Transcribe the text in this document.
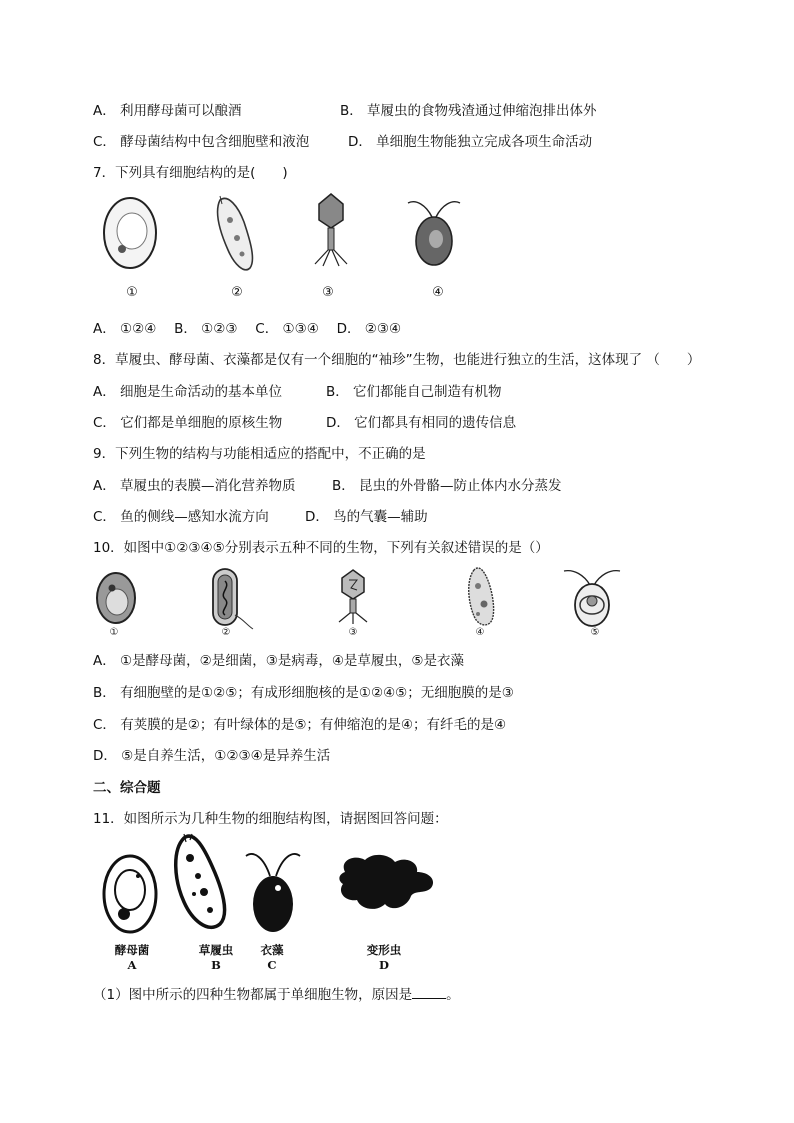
A． 利用酵母菌可以酿酒	B． 草履虫的食物残渣通过伸缩泡排出体外
C． 酵母菌结构中包含细胞壁和液泡	D． 单细胞生物能独立完成各项生命活动
7．下列具有细胞结构的是(　　)
①	②	③	④
A． ①②④　 B． ①②③　 C． ①③④　 D． ②③④
8．草履虫、酵母菌、衣藻都是仅有一个细胞的“袖珍”生物，也能进行独立的生活，这体现了 （　　）
A． 细胞是生命活动的基本单位	B． 它们都能自己制造有机物
C． 它们都是单细胞的原核生物	D． 它们都具有相同的遗传信息
9．下列生物的结构与功能相适应的搭配中，不正确的是
A． 草履虫的表膜—消化营养物质	B． 昆虫的外骨骼—防止体内水分蒸发
C． 鱼的侧线—感知水流方向	D． 鸟的气囊—辅助
10．如图中①②③④⑤分别表示五种不同的生物，下列有关叙述错误的是（）
①	②	③	④	⑤
A． ①是酵母菌，②是细菌，③是病毒，④是草履虫，⑤是衣藻
B． 有细胞壁的是①②⑤；有成形细胞核的是①②④⑤；无细胞膜的是③
C． 有荚膜的是②；有叶绿体的是⑤；有伸缩泡的是④；有纤毛的是④
D． ⑤是自养生活，①②③④是异养生活
二、综合题
11．如图所示为几种生物的细胞结构图，请据图回答问题：
酵母菌
A
草履虫
B
衣藻
C
变形虫
D
（1）图中所示的四种生物都属于单细胞生物，原因是	。
